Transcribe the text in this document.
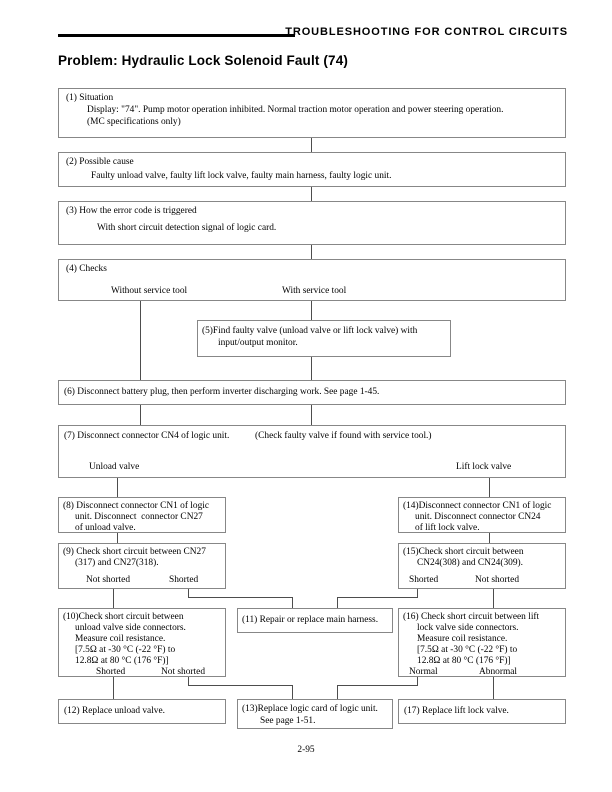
TROUBLESHOOTING FOR CONTROL CIRCUITS
Problem: Hydraulic Lock Solenoid Fault (74)
(1) Situation
Display: "74". Pump motor operation inhibited. Normal traction motor operation and power steering operation.
(MC specifications only)
(2) Possible cause
Faulty unload valve, faulty lift lock valve, faulty main harness, faulty logic unit.
(3) How the error code is triggered
With short circuit detection signal of logic card.
(4) Checks
Without service tool	With service tool
(5)Find faulty valve (unload valve or lift lock valve) with
input/output monitor.
(6) Disconnect battery plug, then perform inverter discharging work. See page 1-45.
(7) Disconnect connector CN4 of logic unit.	(Check faulty valve if found with service tool.)
Unload valve	Lift lock valve
(8) Disconnect connector CN1 of logic
unit. Disconnect  connector CN27
of unload valve.
(9) Check short circuit between CN27
(317) and CN27(318).
Not shorted	Shorted
(10)Check short circuit between
unload valve side connectors.
Measure coil resistance.
[7.5Ω at -30 °C (-22 °F) to
12.8Ω at 80 °C (176 °F)]
Shorted	Not shorted
(11) Repair or replace main harness.
(12) Replace unload valve.	(13)Replace logic card of logic unit.
See page 1-51.
(14)Disconnect connector CN1 of logic
unit. Disconnect connector CN24
of lift lock valve.
(15)Check short circuit between
CN24(308) and CN24(309).
Shorted	Not shorted
(16) Check short circuit between lift
lock valve side connectors.
Measure coil resistance.
[7.5Ω at -30 °C (-22 °F) to
12.8Ω at 80 °C (176 °F)]
Normal	Abnormal
(17) Replace lift lock valve.
2-95
